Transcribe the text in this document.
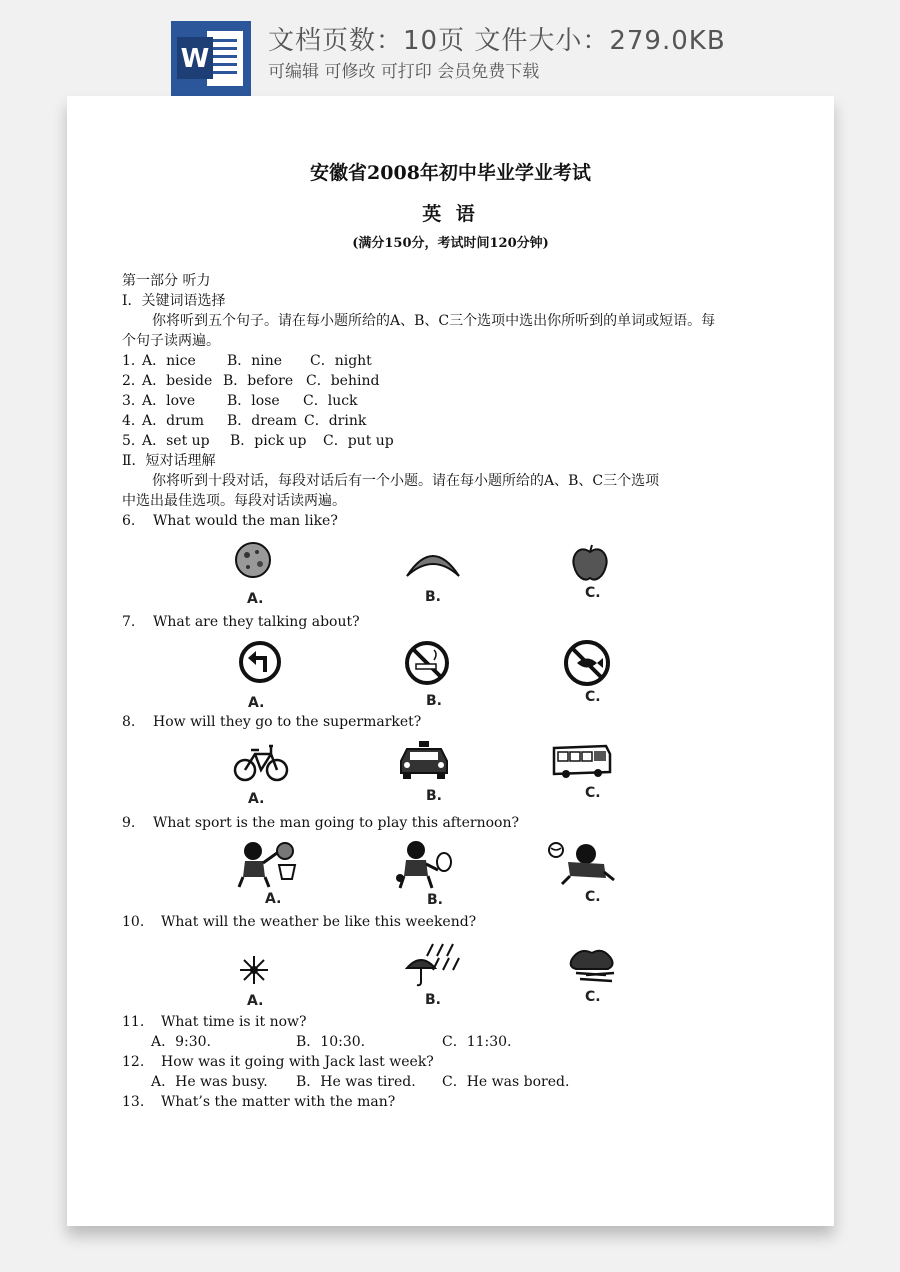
W
文档页数：10页 文件大小：279.0KB
可编辑 可修改 可打印 会员免费下载
安徽省2008年初中毕业学业考试
英 语
(满分150分，考试时间120分钟)
第一部分 听力
Ⅰ．关键词语选择
你将听到五个句子。请在每小题所给的A、B、C三个选项中选出你所听到的单词或短语。每
个句子读两遍。
1．
A．nice B．nine C．night
2．
A．beside B．before C．behind
3．
A．love B．lose C．luck
4．
A．drum B．dream C．drink
5．
A．set up B．pick up C．put up
Ⅱ．短对话理解
你将听到十段对话，每段对话后有一个小题。请在每小题所给的A、B、C三个选项
中选出最佳选项。每段对话读两遍。
6. What would the man like?
A.	B.	C.
7. What are they talking about?
A.	B.	C.
8. How will they go to the supermarket?
A.	B.	C.
9. What sport is the man going to play this afternoon?
A.	B.	C.
10. What will the weather be like this weekend?
A.	B.	C.
11. What time is it now?
A．9:30.	B．10:30.	C．11:30.
12. How was it going with Jack last week?
A．He was busy. B．He was tired. C．He was bored.
13. What’s the matter with the man?
